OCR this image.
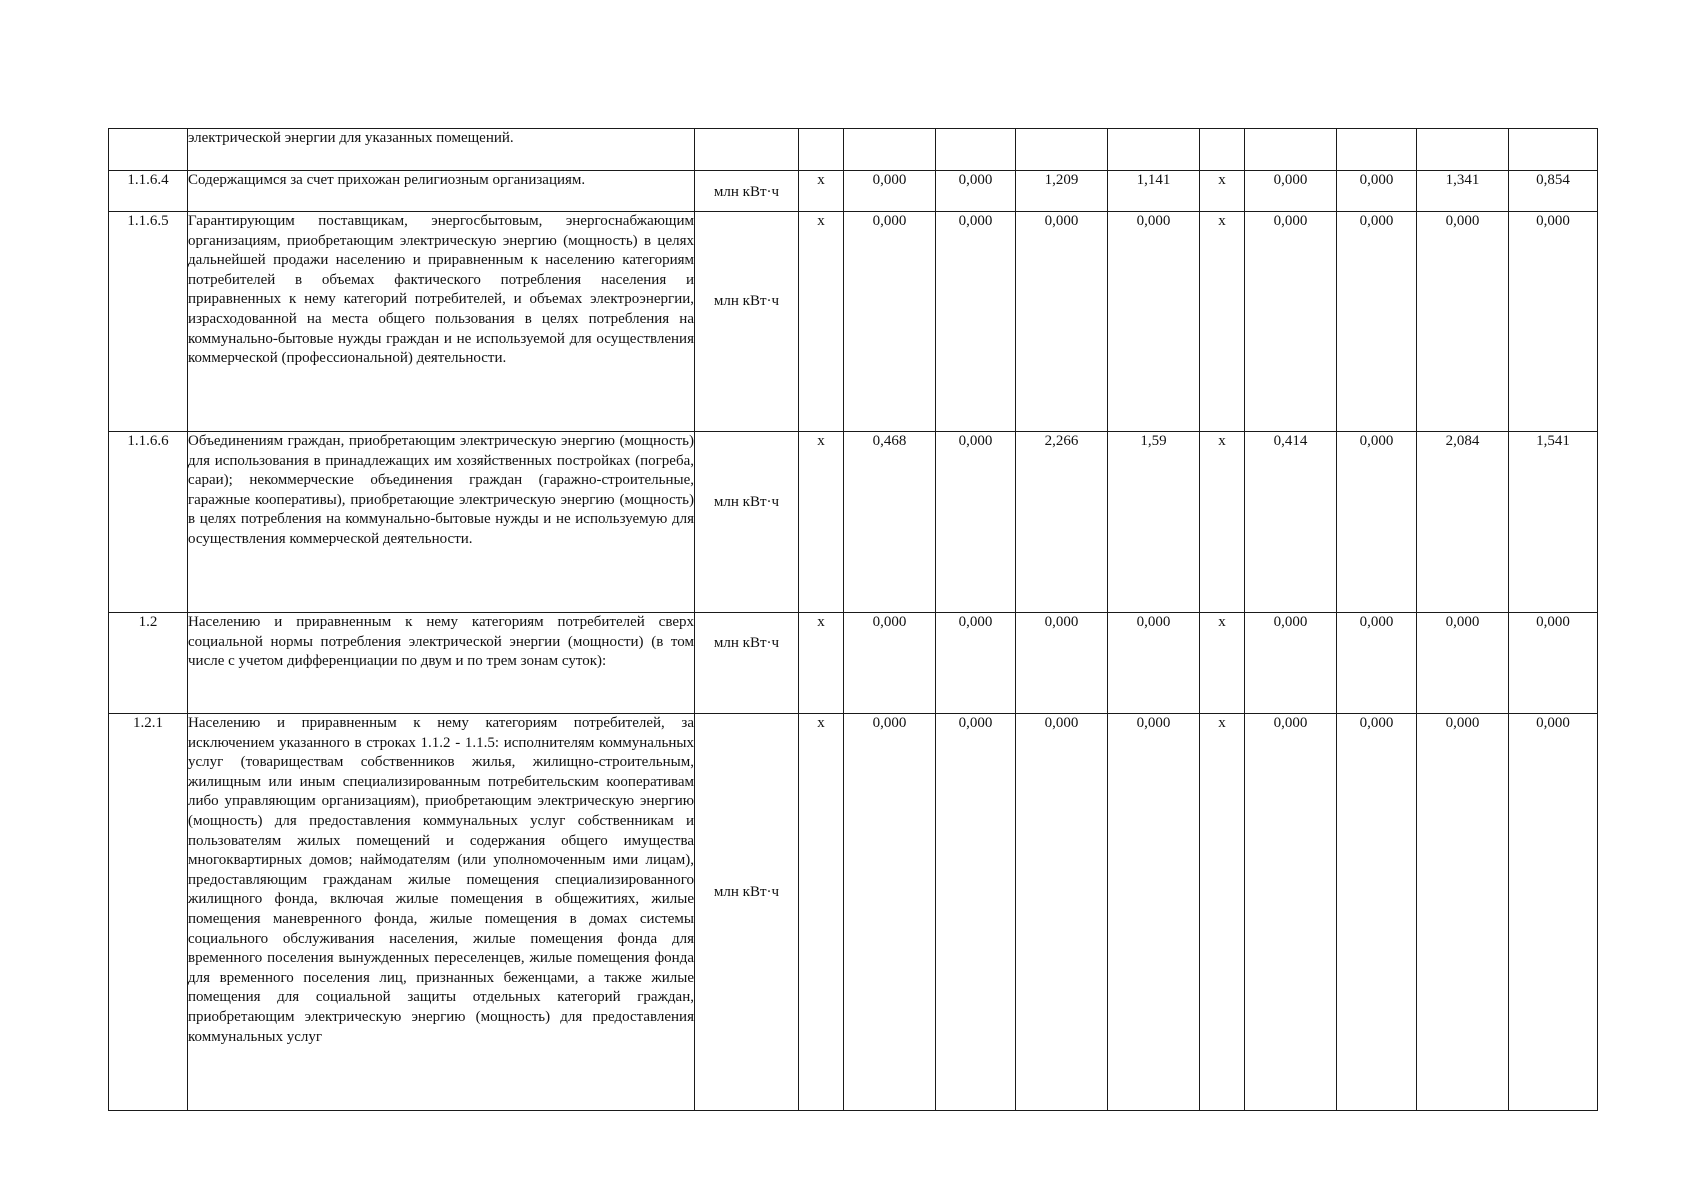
	электрической энергии для указанных помещений.											
1.1.6.4	Содержащимся за счет прихожан религиозным организациям.	млн кВт·ч	х	0,000	0,000	1,209	1,141	х	0,000	0,000	1,341	0,854
1.1.6.5	Гарантирующим поставщикам, энергосбытовым, энергоснабжающим организациям, приобретающим электрическую энергию (мощность) в целях дальнейшей продажи населению и приравненным к населению категориям потребителей в объемах фактического потребления населения и приравненных к нему категорий потребителей, и объемах электроэнергии, израсходованной на места общего пользования в целях потребления на коммунально-бытовые нужды граждан и не используемой для осуществления коммерческой (профессиональной) деятельности.	млн кВт·ч	х	0,000	0,000	0,000	0,000	х	0,000	0,000	0,000	0,000
1.1.6.6	Объединениям граждан, приобретающим электрическую энергию (мощность) для использования в принадлежащих им хозяйственных постройках (погреба, сараи); некоммерческие объединения граждан (гаражно-строительные, гаражные кооперативы), приобретающие электрическую энергию (мощность) в целях потребления на коммунально-бытовые нужды и не используемую для осуществления коммерческой деятельности.	млн кВт·ч	х	0,468	0,000	2,266	1,59	х	0,414	0,000	2,084	1,541
1.2	Населению и приравненным к нему категориям потребителей сверх социальной нормы потребления электрической энергии (мощности) (в том числе с учетом дифференциации по двум и по трем зонам суток):	млн кВт·ч	х	0,000	0,000	0,000	0,000	х	0,000	0,000	0,000	0,000
1.2.1	Населению и приравненным к нему категориям потребителей, за исключением указанного в строках 1.1.2 - 1.1.5: исполнителям коммунальных услуг (товариществам собственников жилья, жилищно-строительным, жилищным или иным специализированным потребительским кооперативам либо управляющим организациям), приобретающим электрическую энергию (мощность) для предоставления коммунальных услуг собственникам и пользователям жилых помещений и содержания общего имущества многоквартирных домов; наймодателям (или уполномоченным ими лицам), предоставляющим гражданам жилые помещения специализированного жилищного фонда, включая жилые помещения в общежитиях, жилые помещения маневренного фонда, жилые помещения в домах системы социального обслуживания населения, жилые помещения фонда для временного поселения вынужденных переселенцев, жилые помещения фонда для временного поселения лиц, признанных беженцами, а также жилые помещения для социальной защиты отдельных категорий граждан, приобретающим электрическую энергию (мощность) для предоставления коммунальных услуг	млн кВт·ч	х	0,000	0,000	0,000	0,000	х	0,000	0,000	0,000	0,000
